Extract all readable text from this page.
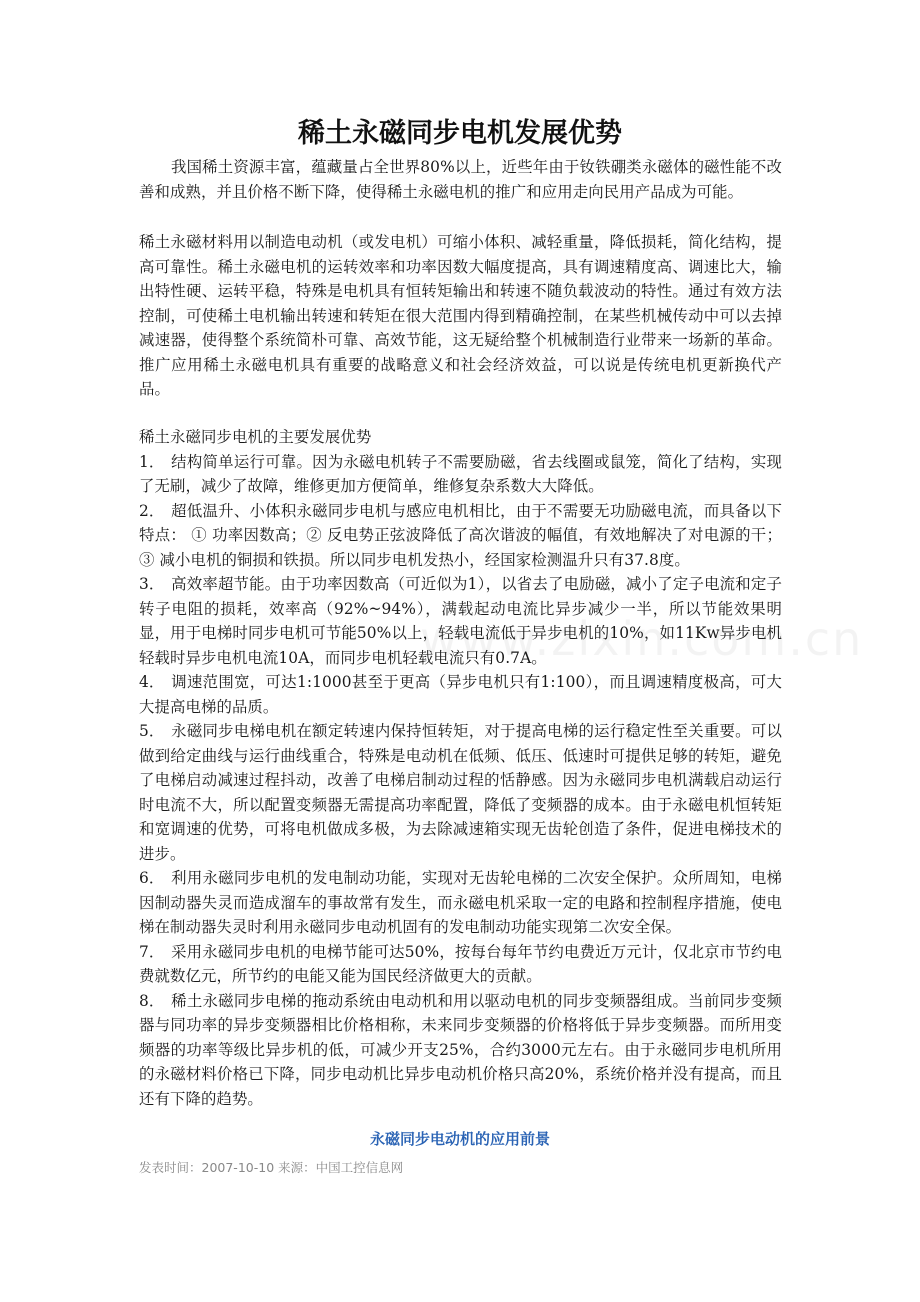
稀土永磁同步电机发展优势
我国稀土资源丰富，蕴藏量占全世界80%以上，近些年由于钕铁硼类永磁体的磁性能不改善和成熟，并且价格不断下降，使得稀土永磁电机的推广和应用走向民用产品成为可能。
稀土永磁材料用以制造电动机（或发电机）可缩小体积、减轻重量，降低损耗，简化结构，提高可靠性。稀土永磁电机的运转效率和功率因数大幅度提高，具有调速精度高、调速比大，输出特性硬、运转平稳，特殊是电机具有恒转矩输出和转速不随负载波动的特性。通过有效方法控制，可使稀土电机输出转速和转矩在很大范围内得到精确控制，在某些机械传动中可以去掉减速器，使得整个系统简朴可靠、高效节能，这无疑给整个机械制造行业带来一场新的革命。推广应用稀土永磁电机具有重要的战略意义和社会经济效益，可以说是传统电机更新换代产品。

稀土永磁同步电机的主要发展优势

1． 结构简单运行可靠。因为永磁电机转子不需要励磁，省去线圈或鼠笼，简化了结构，实现了无刷，减少了故障，维修更加方便简单，维修复杂系数大大降低。

2． 超低温升、小体积永磁同步电机与感应电机相比，由于不需要无功励磁电流，而具备以下特点： ① 功率因数高；② 反电势正弦波降低了高次谐波的幅值，有效地解决了对电源的干；③ 减小电机的铜损和铁损。所以同步电机发热小，经国家检测温升只有37.8度。

3． 高效率超节能。由于功率因数高（可近似为1），以省去了电励磁，减小了定子电流和定子转子电阻的损耗，效率高（92%~94%），满载起动电流比异步减少一半，所以节能效果明显，用于电梯时同步电机可节能50%以上，轻载电流低于异步电机的10%，如11Kw异步电机轻载时异步电机电流10A，而同步电机轻载电流只有0.7A。

4． 调速范围宽，可达1:1000甚至于更高（异步电机只有1:100），而且调速精度极高，可大大提高电梯的品质。

5． 永磁同步电梯电机在额定转速内保持恒转矩，对于提高电梯的运行稳定性至关重要。可以做到给定曲线与运行曲线重合，特殊是电动机在低频、低压、低速时可提供足够的转矩，避免了电梯启动减速过程抖动，改善了电梯启制动过程的恬静感。因为永磁同步电机满载启动运行时电流不大，所以配置变频器无需提高功率配置，降低了变频器的成本。由于永磁电机恒转矩和宽调速的优势，可将电机做成多极，为去除减速箱实现无齿轮创造了条件，促进电梯技术的进步。

6． 利用永磁同步电机的发电制动功能，实现对无齿轮电梯的二次安全保护。众所周知，电梯因制动器失灵而造成溜车的事故常有发生，而永磁电机采取一定的电路和控制程序措施，使电梯在制动器失灵时利用永磁同步电动机固有的发电制动功能实现第二次安全保。

7． 采用永磁同步电机的电梯节能可达50%，按每台每年节约电费近万元计，仅北京市节约电费就数亿元，所节约的电能又能为国民经济做更大的贡献。

8． 稀土永磁同步电梯的拖动系统由电动机和用以驱动电机的同步变频器组成。当前同步变频器与同功率的异步变频器相比价格相称，未来同步变频器的价格将低于异步变频器。而所用变频器的功率等级比异步机的低，可减少开支25%，合约3000元左右。由于永磁同步电机所用的永磁材料价格已下降，同步电动机比异步电动机价格只高20%，系统价格并没有提高，而且还有下降的趋势。

永磁同步电动机的应用前景
发表时间：2007-10-10 来源：中国工控信息网
